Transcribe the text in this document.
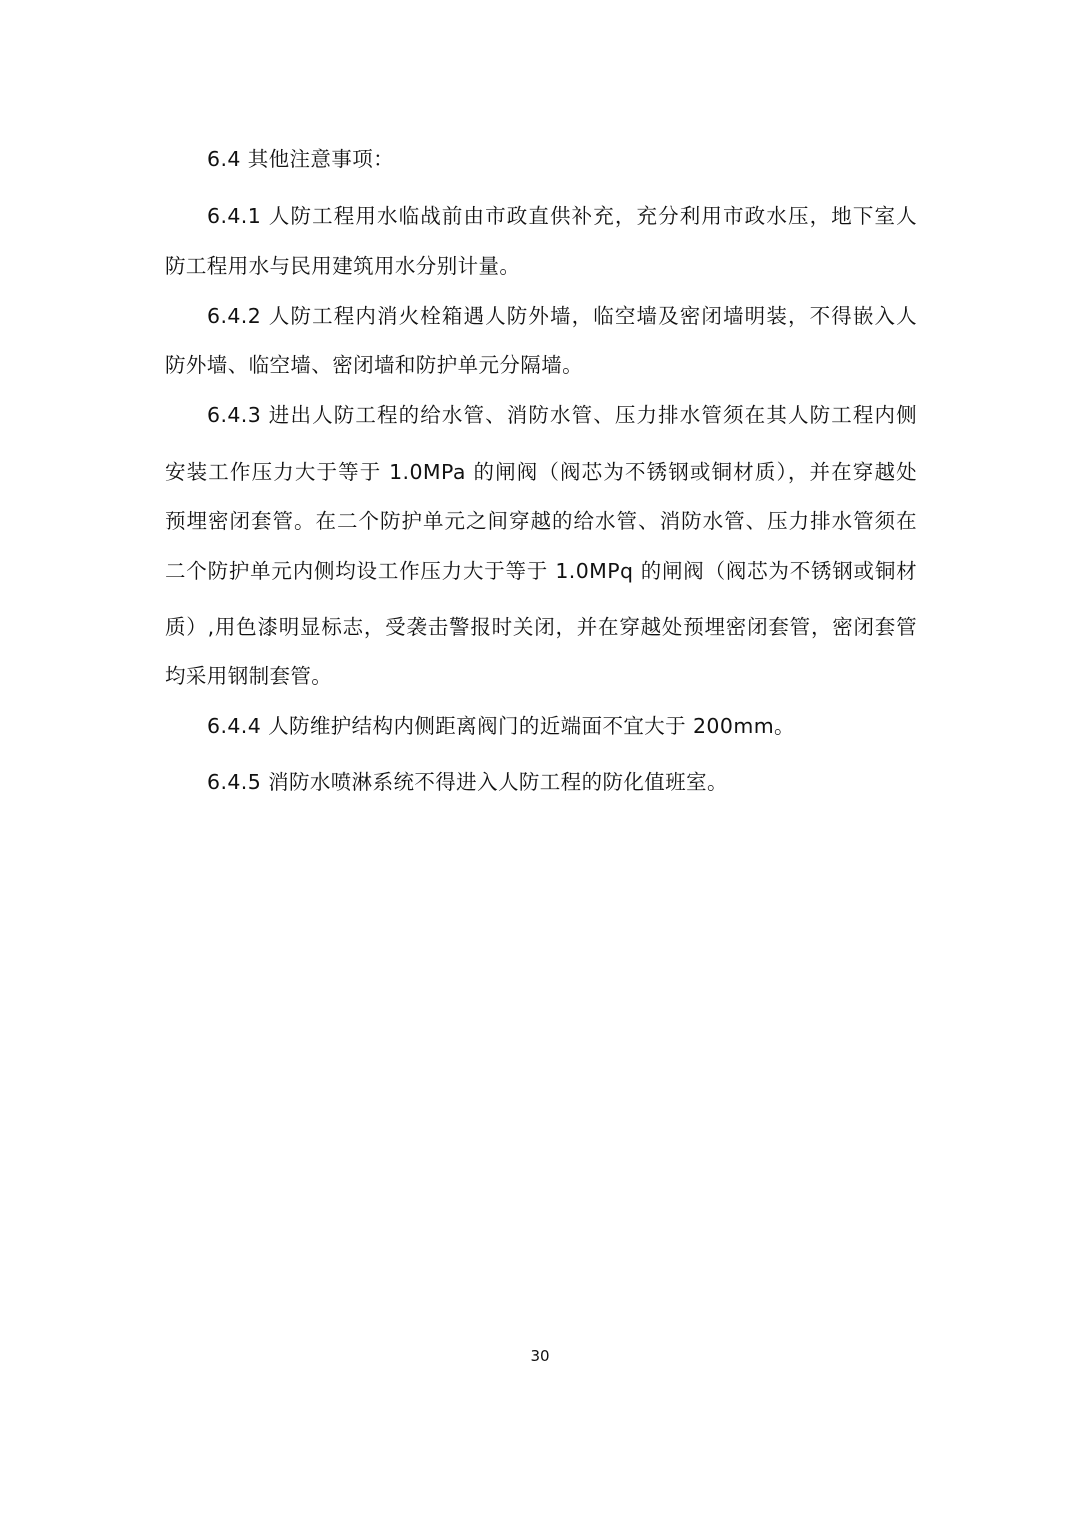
6.4 其他注意事项：
6.4.1 人防工程用水临战前由市政直供补充，充分利用市政水压，地下室人
防工程用水与民用建筑用水分别计量。
6.4.2 人防工程内消火栓箱遇人防外墙，临空墙及密闭墙明装，不得嵌入人
防外墙、临空墙、密闭墙和防护单元分隔墙。
6.4.3 进出人防工程的给水管、消防水管、压力排水管须在其人防工程内侧
安装工作压力大于等于 1.0MPa 的闸阀（阀芯为不锈钢或铜材质），并在穿越处
预埋密闭套管。在二个防护单元之间穿越的给水管、消防水管、压力排水管须在
二个防护单元内侧均设工作压力大于等于 1.0MPq 的闸阀（阀芯为不锈钢或铜材
质）,用色漆明显标志，受袭击警报时关闭，并在穿越处预埋密闭套管，密闭套管
均采用钢制套管。
6.4.4 人防维护结构内侧距离阀门的近端面不宜大于 200mm。
6.4.5 消防水喷淋系统不得进入人防工程的防化值班室。
30
